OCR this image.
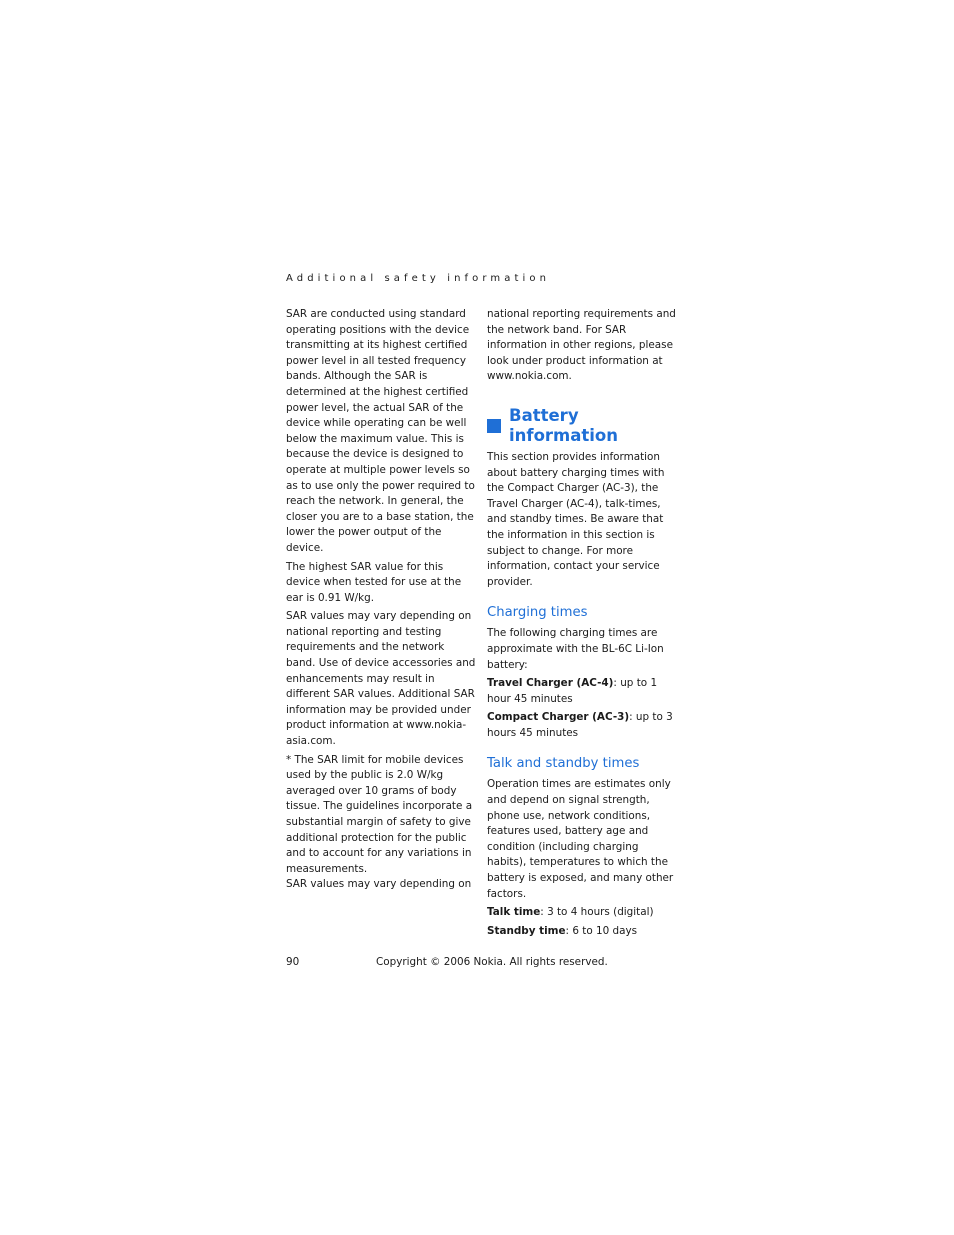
Additional safety information

SAR are conducted using standard operating positions with the device transmitting at its highest certified power level in all tested frequency bands. Although the SAR is determined at the highest certified power level, the actual SAR of the device while operating can be well below the maximum value. This is because the device is designed to operate at multiple power levels so as to use only the power required to reach the network. In general, the closer you are to a base station, the lower the power output of the device.

The highest SAR value for this device when tested for use at the ear is 0.91 W/kg.

SAR values may vary depending on national reporting and testing requirements and the network band. Use of device accessories and enhancements may result in different SAR values. Additional SAR information may be provided under product information at www.nokia-asia.com.

* The SAR limit for mobile devices used by the public is 2.0 W/kg averaged over 10 grams of body tissue. The guidelines incorporate a substantial margin of safety to give additional protection for the public and to account for any variations in measurements.

SAR values may vary depending on

national reporting requirements and the network band. For SAR information in other regions, please look under product information at www.nokia.com.

Battery information

This section provides information about battery charging times with the Compact Charger (AC-3), the Travel Charger (AC-4), talk-times, and standby times. Be aware that the information in this section is subject to change. For more information, contact your service provider.

Charging times

The following charging times are approximate with the BL-6C Li-Ion battery:

Travel Charger (AC-4): up to 1 hour 45 minutes

Compact Charger (AC-3): up to 3 hours 45 minutes

Talk and standby times

Operation times are estimates only and depend on signal strength, phone use, network conditions, features used, battery age and condition (including charging habits), temperatures to which the battery is exposed, and many other factors.

Talk time: 3 to 4 hours (digital)

Standby time: 6 to 10 days

90	Copyright © 2006 Nokia. All rights reserved.
